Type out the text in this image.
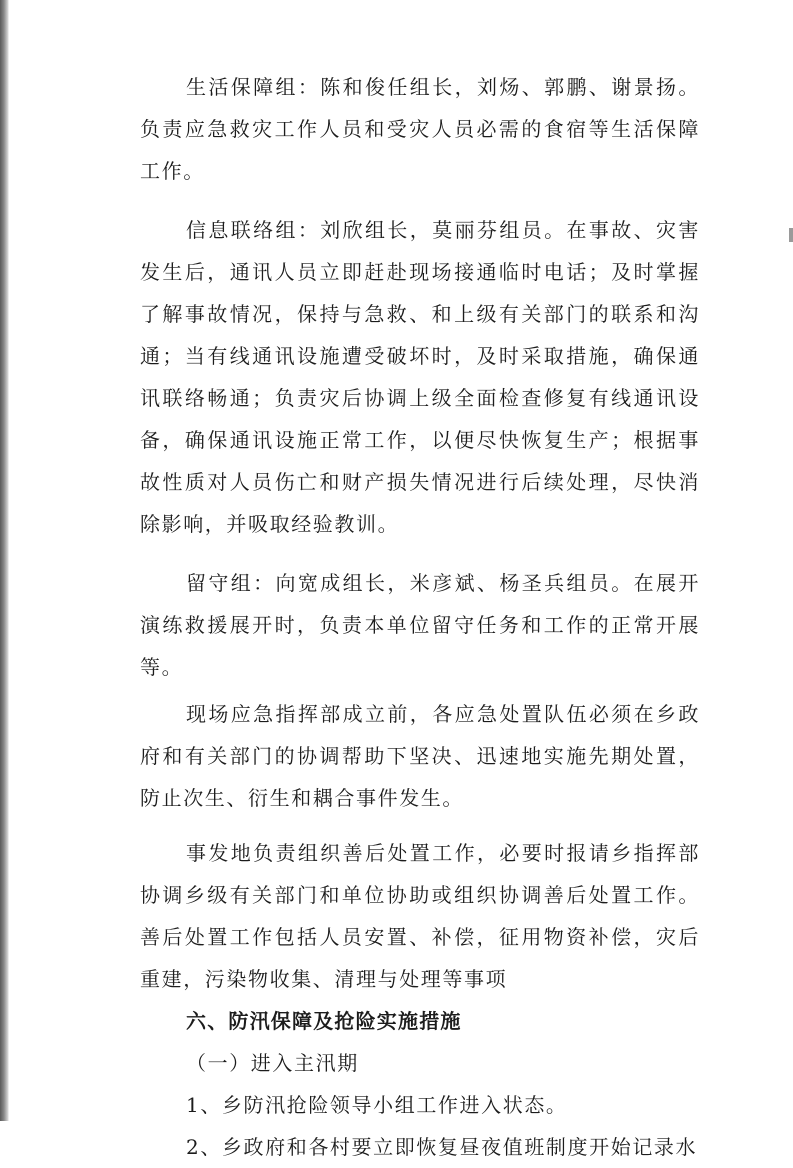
生活保障组：陈和俊任组长，刘炀、郭鹏、谢景扬。负责应急救灾工作人员和受灾人员必需的食宿等生活保障工作。

信息联络组：刘欣组长，莫丽芬组员。在事故、灾害发生后，通讯人员立即赶赴现场接通临时电话；及时掌握了解事故情况，保持与急救、和上级有关部门的联系和沟通；当有线通讯设施遭受破坏时，及时采取措施，确保通讯联络畅通；负责灾后协调上级全面检查修复有线通讯设备，确保通讯设施正常工作，以便尽快恢复生产；根据事故性质对人员伤亡和财产损失情况进行后续处理，尽快消除影响，并吸取经验教训。

留守组：向宽成组长，米彦斌、杨圣兵组员。在展开演练救援展开时，负责本单位留守任务和工作的正常开展等。

现场应急指挥部成立前，各应急处置队伍必须在乡政府和有关部门的协调帮助下坚决、迅速地实施先期处置，防止次生、衍生和耦合事件发生。

事发地负责组织善后处置工作，必要时报请乡指挥部协调乡级有关部门和单位协助或组织协调善后处置工作。善后处置工作包括人员安置、补偿，征用物资补偿，灾后重建，污染物收集、清理与处理等事项

六、防汛保障及抢险实施措施

（一）进入主汛期

1、乡防汛抢险领导小组工作进入状态。

2、乡政府和各村要立即恢复昼夜值班制度开始记录水
